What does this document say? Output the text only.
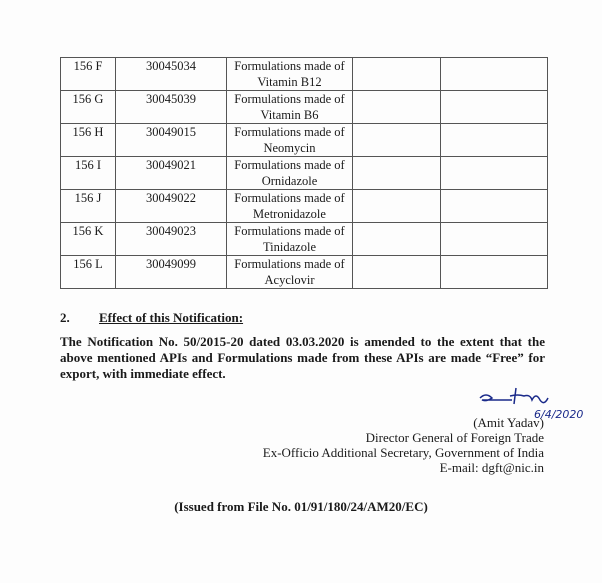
156 F	30045034	Formulations made of
Vitamin B12		
156 G	30045039	Formulations made of
Vitamin B6		
156 H	30049015	Formulations made of
Neomycin		
156 I	30049021	Formulations made of
Ornidazole		
156 J	30049022	Formulations made of
Metronidazole		
156 K	30049023	Formulations made of
Tinidazole		
156 L	30049099	Formulations made of
Acyclovir		
2. Effect of this Notification:
The Notification No. 50/2015-20 dated 03.03.2020 is amended to the extent that the above mentioned APIs and Formulations made from these APIs are made “Free” for export, with immediate effect.
6/4/2020
(Amit Yadav)
Director General of Foreign Trade
Ex-Officio Additional Secretary, Government of India
E-mail: dgft@nic.in
(Issued from File No. 01/91/180/24/AM20/EC)
